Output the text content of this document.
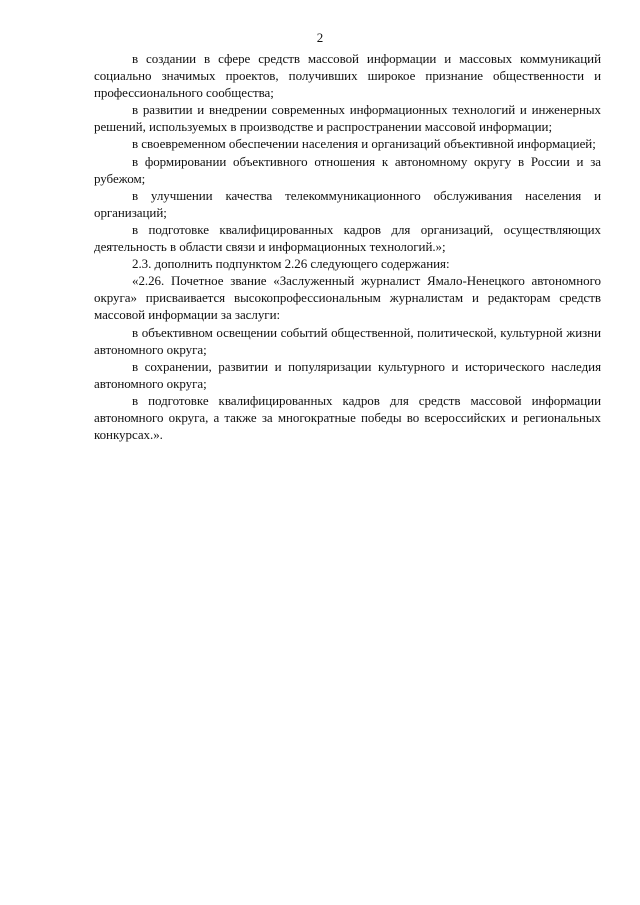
2

в создании в сфере средств массовой информации и массовых коммуникаций социально значимых проектов, получивших широкое признание общественности и профессионального сообщества;

в развитии и внедрении современных информационных технологий и инженерных решений, используемых в производстве и распространении массовой информации;

в своевременном обеспечении населения и организаций объективной информацией;

в формировании объективного отношения к автономному округу в России и за рубежом;

в улучшении качества телекоммуникационного обслуживания населения и организаций;

в подготовке квалифицированных кадров для организаций, осуществляющих деятельность в области связи и информационных технологий.»;

2.3. дополнить подпунктом 2.26 следующего содержания:

«2.26. Почетное звание «Заслуженный журналист Ямало-Ненецкого автономного округа» присваивается высокопрофессиональным журналистам и редакторам средств массовой информации за заслуги:

в объективном освещении событий общественной, политической, культурной жизни автономного округа;

в сохранении, развитии и популяризации культурного и исторического наследия автономного округа;

в подготовке квалифицированных кадров для средств массовой информации автономного округа, а также за многократные победы во всероссийских и региональных конкурсах.».
